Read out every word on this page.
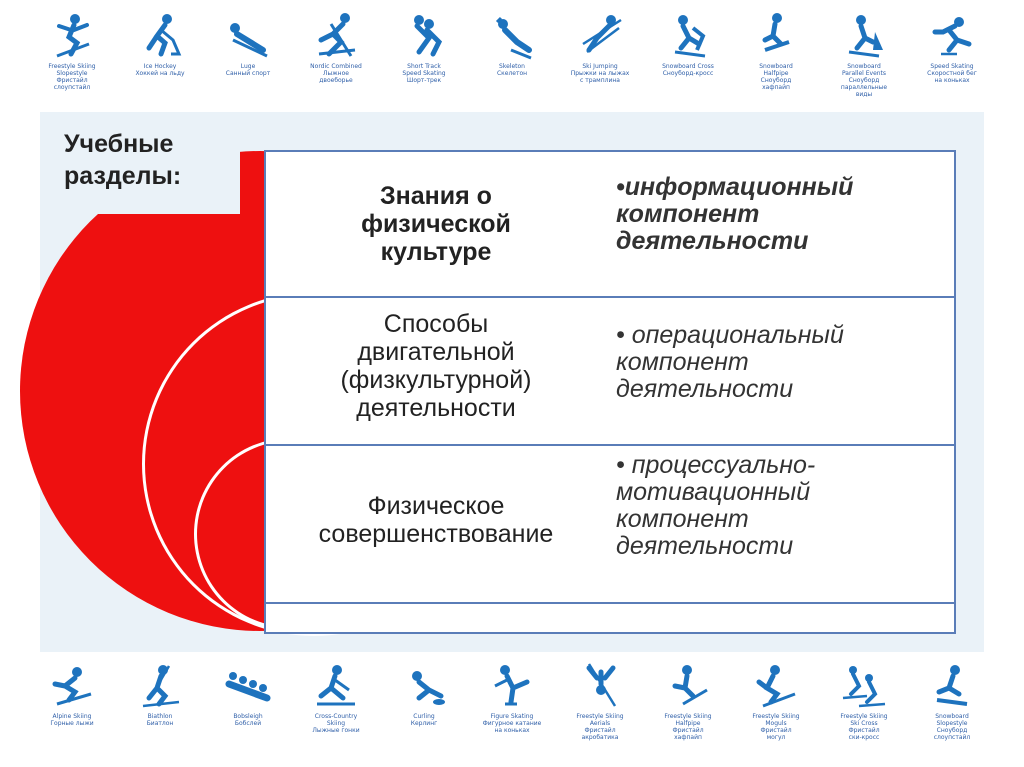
Freestyle Skiing
Slopestyle
Фристайл
слоупстайл
Ice Hockey
Хоккей на льду
Luge
Санный спорт
Nordic Combined
Лыжное
двоеборье
Short Track
Speed Skating
Шорт-трек
Skeleton
Скелетон
Ski Jumping
Прыжки на лыжах
с трамплина
Snowboard Cross
Сноуборд-кросс
Snowboard
Halfpipe
Сноуборд
хафпайп
Snowboard
Parallel Events
Сноуборд
параллельные
виды
Speed Skating
Скоростной бег
на коньках
Учебные
разделы:
Знания о
физической
культуре
•информационный
компонент
деятельности
Способы
двигательной
(физкультурной)
деятельности
• операциональный
компонент
деятельности
Физическое
совершенствование
• процессуально-
мотивационный
компонент
деятельности
Alpine Skiing
Горные лыжи
Biathlon
Биатлон
Bobsleigh
Бобслей
Cross-Country
Skiing
Лыжные гонки
Curling
Керлинг
Figure Skating
Фигурное катание
на коньках
Freestyle Skiing
Aerials
Фристайл
акробатика
Freestyle Skiing
Halfpipe
Фристайл
хафпайп
Freestyle Skiing
Moguls
Фристайл
могул
Freestyle Skiing
Ski Cross
Фристайл
ски-кросс
Snowboard
Slopestyle
Сноуборд
слоупстайл
